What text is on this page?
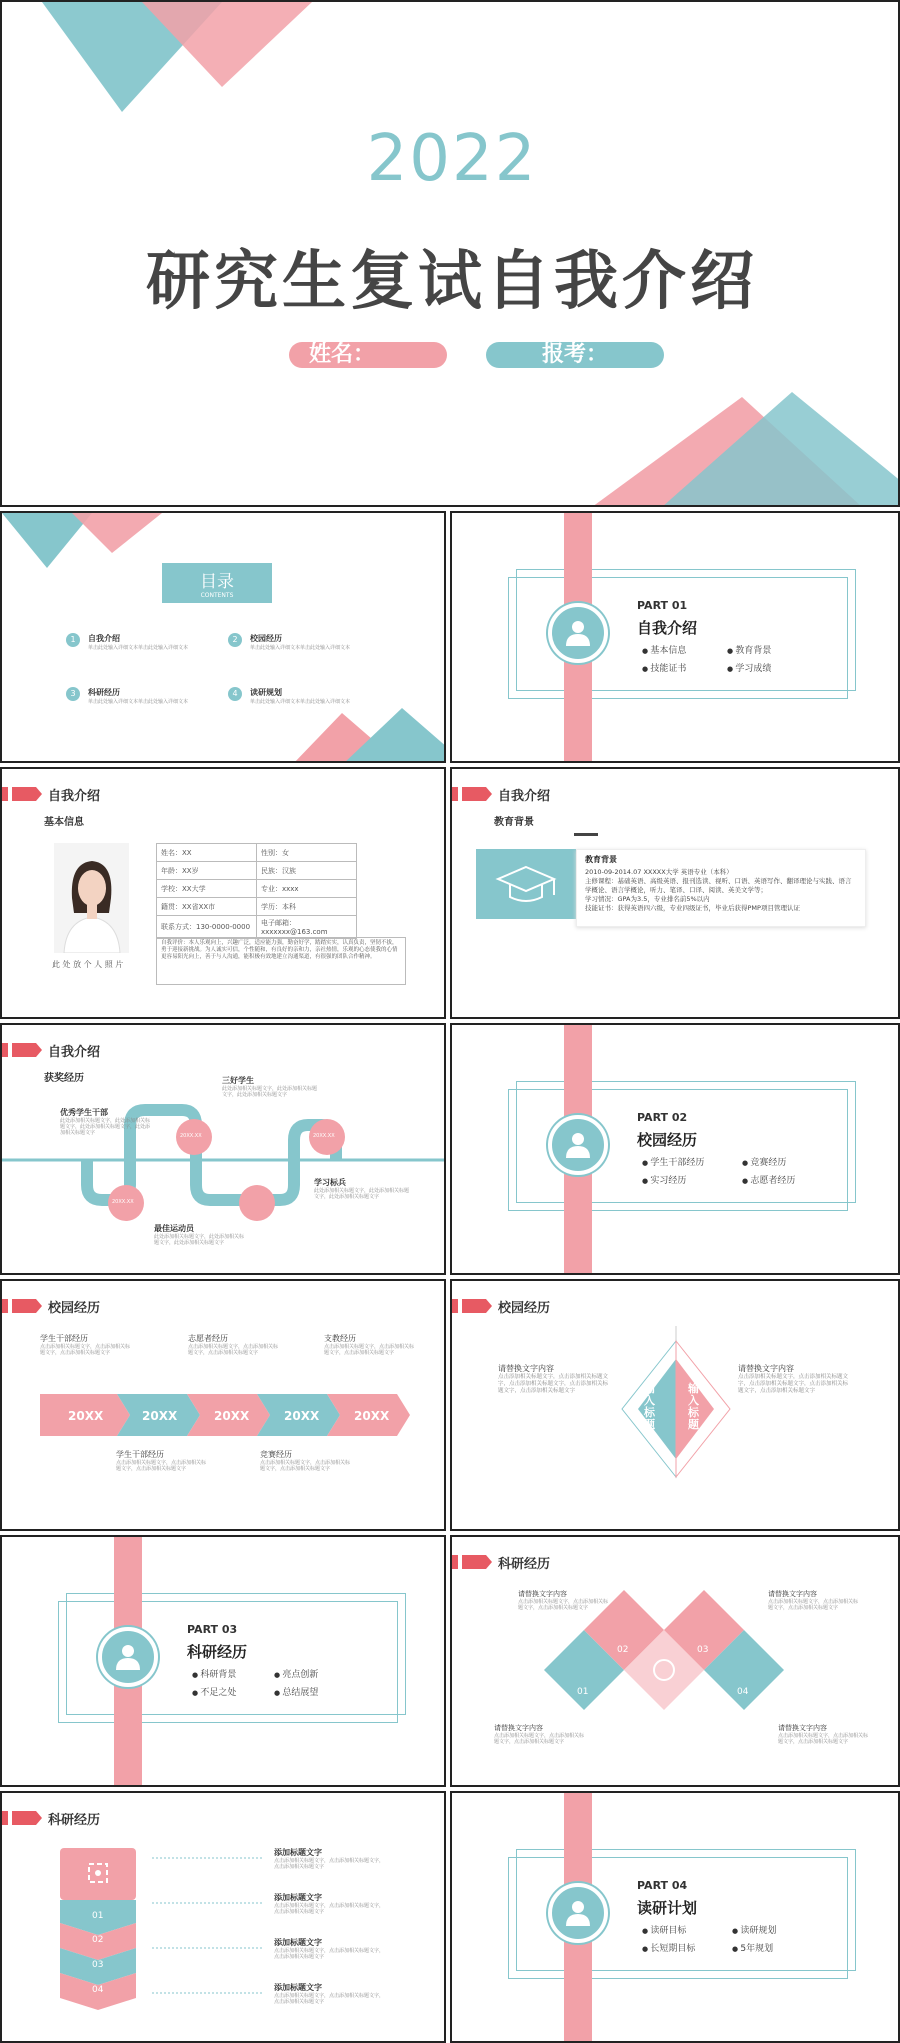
2022
研究生复试自我介绍
姓名：	报考：
目录
CONTENTS
1	自我介绍
单击此处输入详细文本单击此处输入详细文本
2	校园经历
单击此处输入详细文本单击此处输入详细文本
3	科研经历
单击此处输入详细文本单击此处输入详细文本
4	读研规划
单击此处输入详细文本单击此处输入详细文本
PART 01
自我介绍
● 基本信息	● 教育背景
● 技能证书	● 学习成绩
自我介绍
基本信息
此 处 放 个 人 照 片
姓名：XX	性别：女
年龄：XX岁	民族：汉族
学校：XX大学	专业：xxxx
籍贯：XX省XX市	学历：本科
联系方式：130-0000-0000	电子邮箱：xxxxxxx@163.com
自我评价：本人乐观向上，兴趣广泛，适应能力强，勤奋好学，踏踏实实，认真负责，坚韧不拔，勇于迎接新挑战。为人诚实可信，个性随和，有良好的亲和力，亲社热情，乐观的心态使我的心情更容易阳光向上，善于与人沟通，能积极有效地建立沟通渠道，有很强的团队合作精神。
自我介绍
教育背景
教育背景
2010-09-2014.07 XXXXX大学 英语专业（本科）
主修课程：基础英语、高级英语、报刊选读、视听、口语、英语写作、翻译理论与实践、语言学概论、语言学概论，听力、笔译、口译、阅读、英美文学等；
学习情况：GPA为3.5，专业排名前5%以内
技能证书：获得英语四六级，专业四级证书，毕业后获得PMP项目管理认证
自我介绍
获奖经历
20XX.XX	20XX.XX
20XX.XX
优秀学生干部
此处添加相关标题文字，此处添加相关标题文字，此处添加相关标题文字，此处添加相关标题文字
三好学生
此处添加相关标题文字，此处添加相关标题文字，此处添加相关标题文字
最佳运动员
此处添加相关标题文字，此处添加相关标题文字，此处添加相关标题文字
学习标兵
此处添加相关标题文字，此处添加相关标题文字，此处添加相关标题文字
PART 02
校园经历
● 学生干部经历	● 竞赛经历
● 实习经历	● 志愿者经历
校园经历
20XX	20XX	20XX	20XX	20XX
学生干部经历
点击添加相关标题文字，点击添加相关标题文字，点击添加相关标题文字
志愿者经历
点击添加相关标题文字，点击添加相关标题文字，点击添加相关标题文字
支教经历
点击添加相关标题文字，点击添加相关标题文字，点击添加相关标题文字
学生干部经历
点击添加相关标题文字，点击添加相关标题文字，点击添加相关标题文字
竞赛经历
点击添加相关标题文字，点击添加相关标题文字，点击添加相关标题文字
校园经历
输入标题
输入标题
请替换文字内容
点击添加相关标题文字，点击添加相关标题文字，点击添加相关标题文字，点击添加相关标题文字，点击添加相关标题文字
请替换文字内容
点击添加相关标题文字，点击添加相关标题文字，点击添加相关标题文字，点击添加相关标题文字，点击添加相关标题文字
PART 03
科研经历
● 科研背景	● 亮点创新
● 不足之处	● 总结展望
科研经历
01
02	03
04
请替换文字内容
点击添加相关标题文字，点击添加相关标题文字，点击添加相关标题文字
请替换文字内容
点击添加相关标题文字，点击添加相关标题文字，点击添加相关标题文字
请替换文字内容
点击添加相关标题文字，点击添加相关标题文字，点击添加相关标题文字
请替换文字内容
点击添加相关标题文字，点击添加相关标题文字，点击添加相关标题文字
科研经历
01
02
03
04
添加标题文字
点击添加相关标题文字，点击添加相关标题文字，点击添加相关标题文字
添加标题文字
点击添加相关标题文字，点击添加相关标题文字，点击添加相关标题文字
添加标题文字
点击添加相关标题文字，点击添加相关标题文字，点击添加相关标题文字
添加标题文字
点击添加相关标题文字，点击添加相关标题文字，点击添加相关标题文字
PART 04
读研计划
● 读研目标	● 读研规划
● 长短期目标	● 5年规划
